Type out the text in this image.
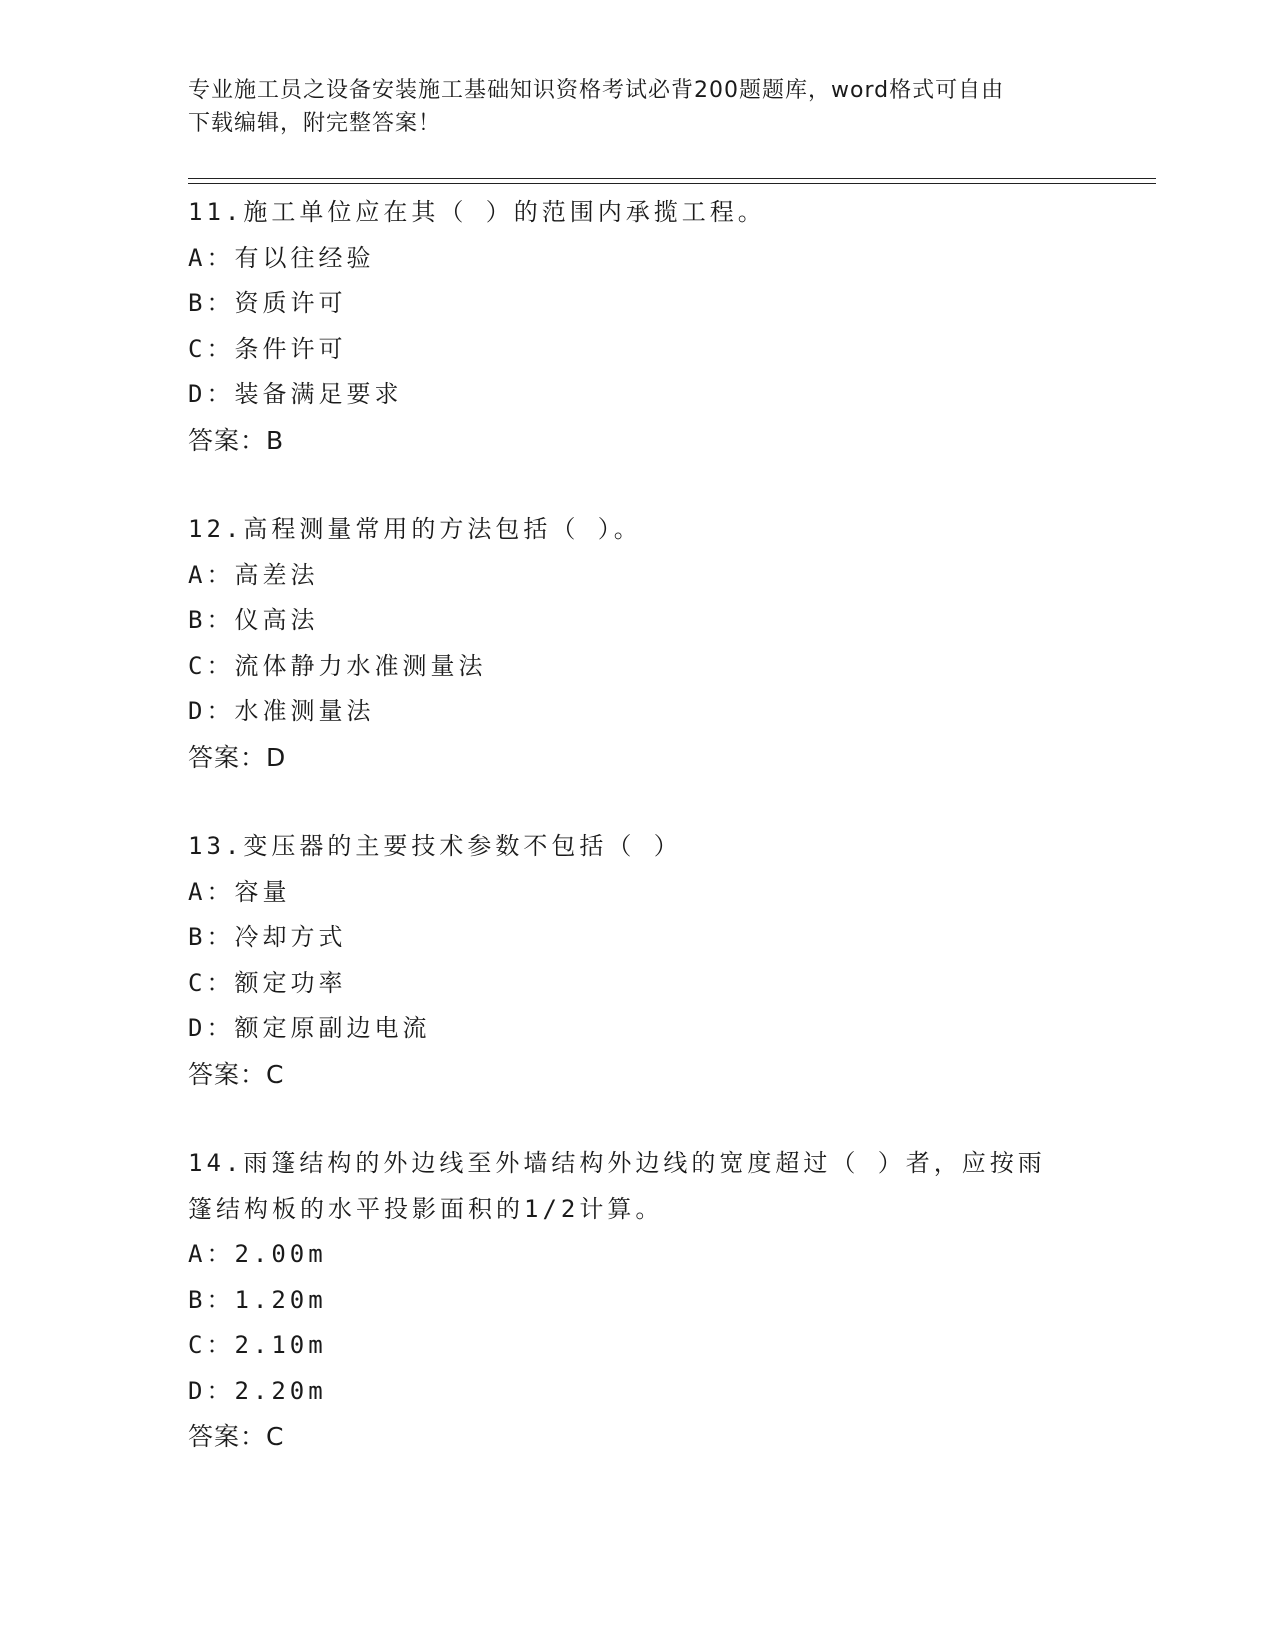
专业施工员之设备安装施工基础知识资格考试必背200题题库，word格式可自由
下载编辑，附完整答案！
11.施工单位应在其（ ）的范围内承揽工程。
A：有以往经验
B：资质许可
C：条件许可
D：装备满足要求
答案：B
12.高程测量常用的方法包括（ ）。
A：高差法
B：仪高法
C：流体静力水准测量法
D：水准测量法
答案：D
13.变压器的主要技术参数不包括（ ）
A：容量
B：冷却方式
C：额定功率
D：额定原副边电流
答案：C
14.雨篷结构的外边线至外墙结构外边线的宽度超过（ ）者，应按雨
篷结构板的水平投影面积的1/2计算。
A：2.00m
B：1.20m
C：2.10m
D：2.20m
答案：C
